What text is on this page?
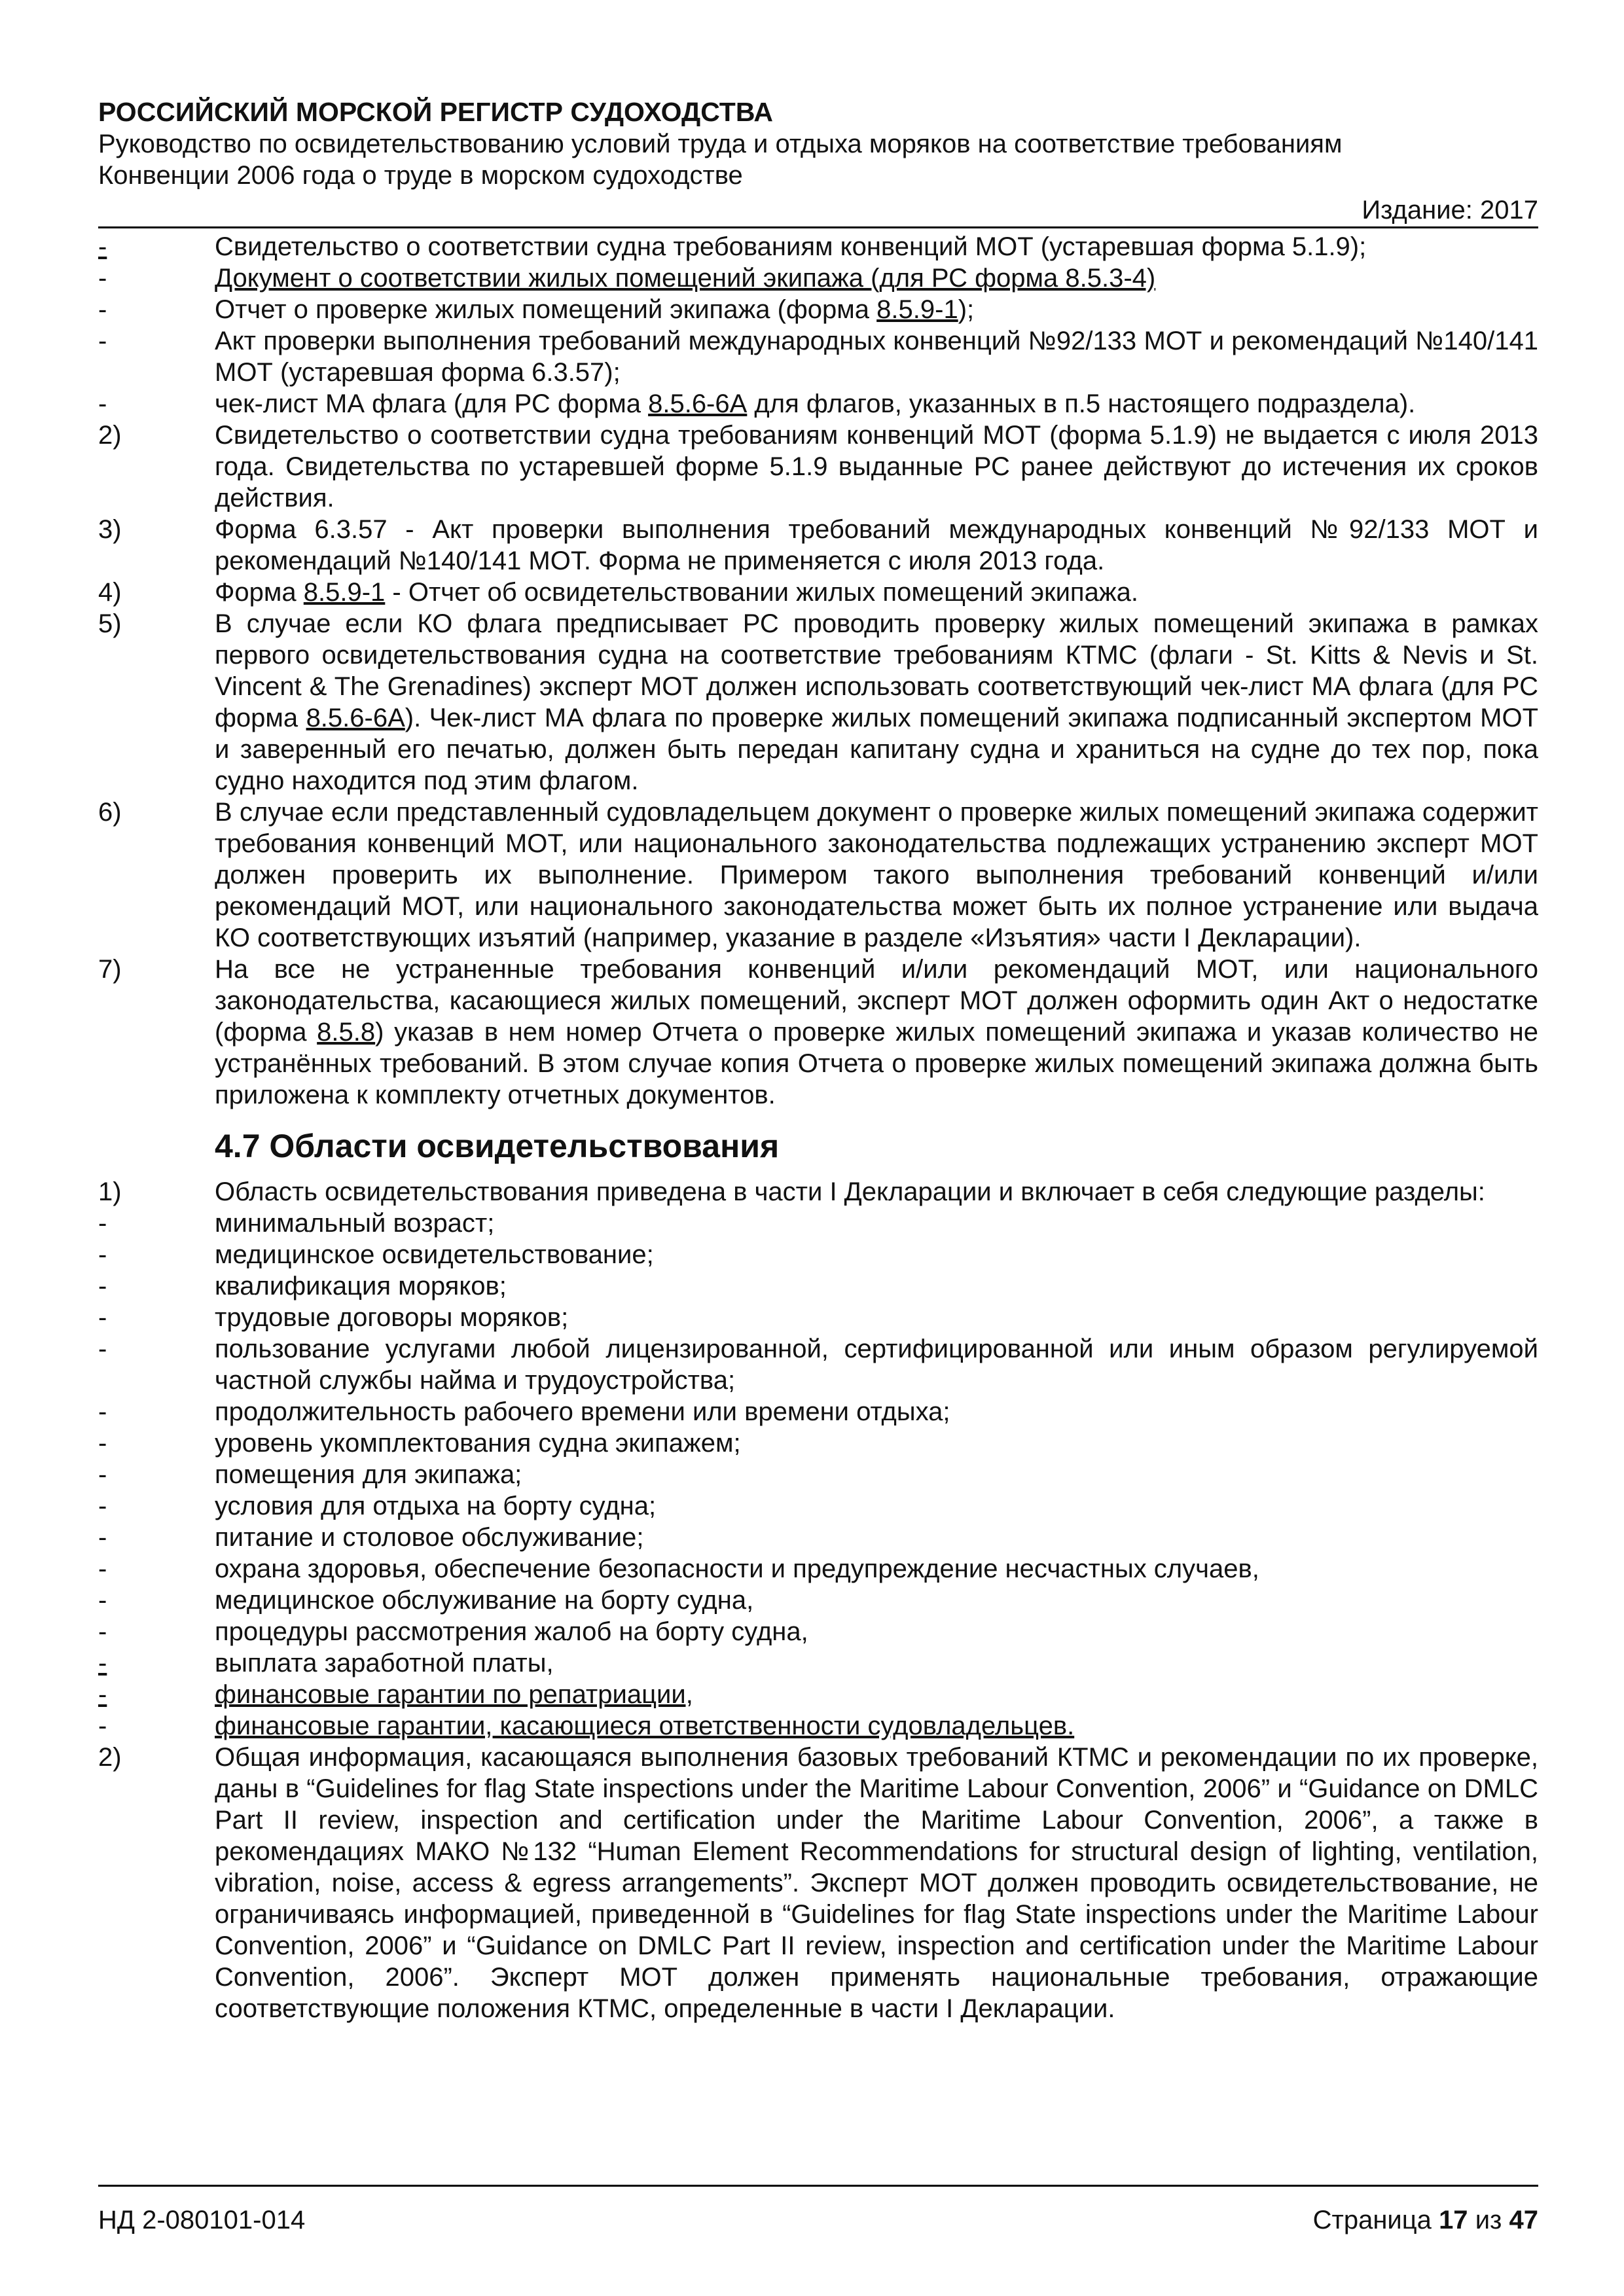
РОССИЙСКИЙ МОРСКОЙ РЕГИСТР СУДОХОДСТВА
Руководство по освидетельствованию условий труда и отдыха моряков на соответствие требованиям
Конвенции 2006 года о труде в морском судоходстве
Издание: 2017
-	Свидетельство о соответствии судна требованиям конвенций МОТ (устаревшая форма 5.1.9);
-	Документ о соответствии жилых помещений экипажа (для РС форма 8.5.3-4)
-	Отчет о проверке жилых помещений экипажа (форма 8.5.9-1);
-	Акт проверки выполнения требований международных конвенций №92/133 МОТ и рекомендаций №140/141 МОТ (устаревшая форма 6.3.57);
-	чек-лист МА флага (для РС форма 8.5.6-6А для флагов, указанных в п.5 настоящего подраздела).
2)	Свидетельство о соответствии судна требованиям конвенций МОТ (форма 5.1.9) не выдается с июля 2013 года. Свидетельства по устаревшей форме 5.1.9 выданные РС ранее действуют до истечения их сроков действия.
3)	Форма 6.3.57 - Акт проверки выполнения требований международных конвенций №92/133 МОТ и рекомендаций №140/141 МОТ. Форма не применяется с июля 2013 года.
4)	Форма 8.5.9-1 - Отчет об освидетельствовании жилых помещений экипажа.
5)	В случае если КО флага предписывает РС проводить проверку жилых помещений экипажа в рамках первого освидетельствования судна на соответствие требованиям КТМС (флаги - St. Kitts & Nevis и St. Vincent & The Grenadines) эксперт МОТ должен использовать соответствующий чек-лист МА флага (для РС форма 8.5.6-6А). Чек-лист МА флага по проверке жилых помещений экипажа подписанный экспертом МОТ и заверенный его печатью, должен быть передан капитану судна и храниться на судне до тех пор, пока судно находится под этим флагом.
6)	В случае если представленный судовладельцем документ о проверке жилых помещений экипажа содержит требования конвенций МОТ, или национального законодательства подлежащих устранению эксперт МОТ должен проверить их выполнение. Примером такого выполнения требований конвенций и/или рекомендаций МОТ, или национального законодательства может быть их полное устранение или выдача КО соответствующих изъятий (например, указание в разделе «Изъятия» части I Декларации).
7)	На все не устраненные требования конвенций и/или рекомендаций МОТ, или национального законодательства, касающиеся жилых помещений, эксперт МОТ должен оформить один Акт о недостатке (форма 8.5.8) указав в нем номер Отчета о проверке жилых помещений экипажа и указав количество не устранённых требований. В этом случае копия Отчета о проверке жилых помещений экипажа должна быть приложена к комплекту отчетных документов.
4.7 Области освидетельствования
1)	Область освидетельствования приведена в части I Декларации и включает в себя следующие разделы:
-	минимальный возраст;
-	медицинское освидетельствование;
-	квалификация моряков;
-	трудовые договоры моряков;
-	пользование услугами любой лицензированной, сертифицированной или иным образом регулируемой частной службы найма и трудоустройства;
-	продолжительность рабочего времени или времени отдыха;
-	уровень укомплектования судна экипажем;
-	помещения для экипажа;
-	условия для отдыха на борту судна;
-	питание и столовое обслуживание;
-	охрана здоровья, обеспечение безопасности и предупреждение несчастных случаев,
-	медицинское обслуживание на борту судна,
-	процедуры рассмотрения жалоб на борту судна,
-	выплата заработной платы,
-	финансовые гарантии по репатриации,
-	финансовые гарантии, касающиеся ответственности судовладельцев.
2)	Общая информация, касающаяся выполнения базовых требований КТМС и рекомендации по их проверке, даны в “Guidelines for flag State inspections under the Maritime Labour Convention, 2006” и “Guidance on DMLC Part II review, inspection and certification under the Maritime Labour Convention, 2006”, а также в рекомендациях МАКО №132 “Human Element Recommendations for structural design of lighting, ventilation, vibration, noise, access & egress arrangements”. Эксперт МОТ должен проводить освидетельствование, не ограничиваясь информацией, приведенной в “Guidelines for flag State inspections under the Maritime Labour Convention, 2006” и “Guidance on DMLC Part II review, inspection and certification under the Maritime Labour Convention, 2006”. Эксперт МОТ должен применять национальные требования, отражающие соответствующие положения КТМС, определенные в части I Декларации.
НД 2-080101-014	Страница 17 из 47
